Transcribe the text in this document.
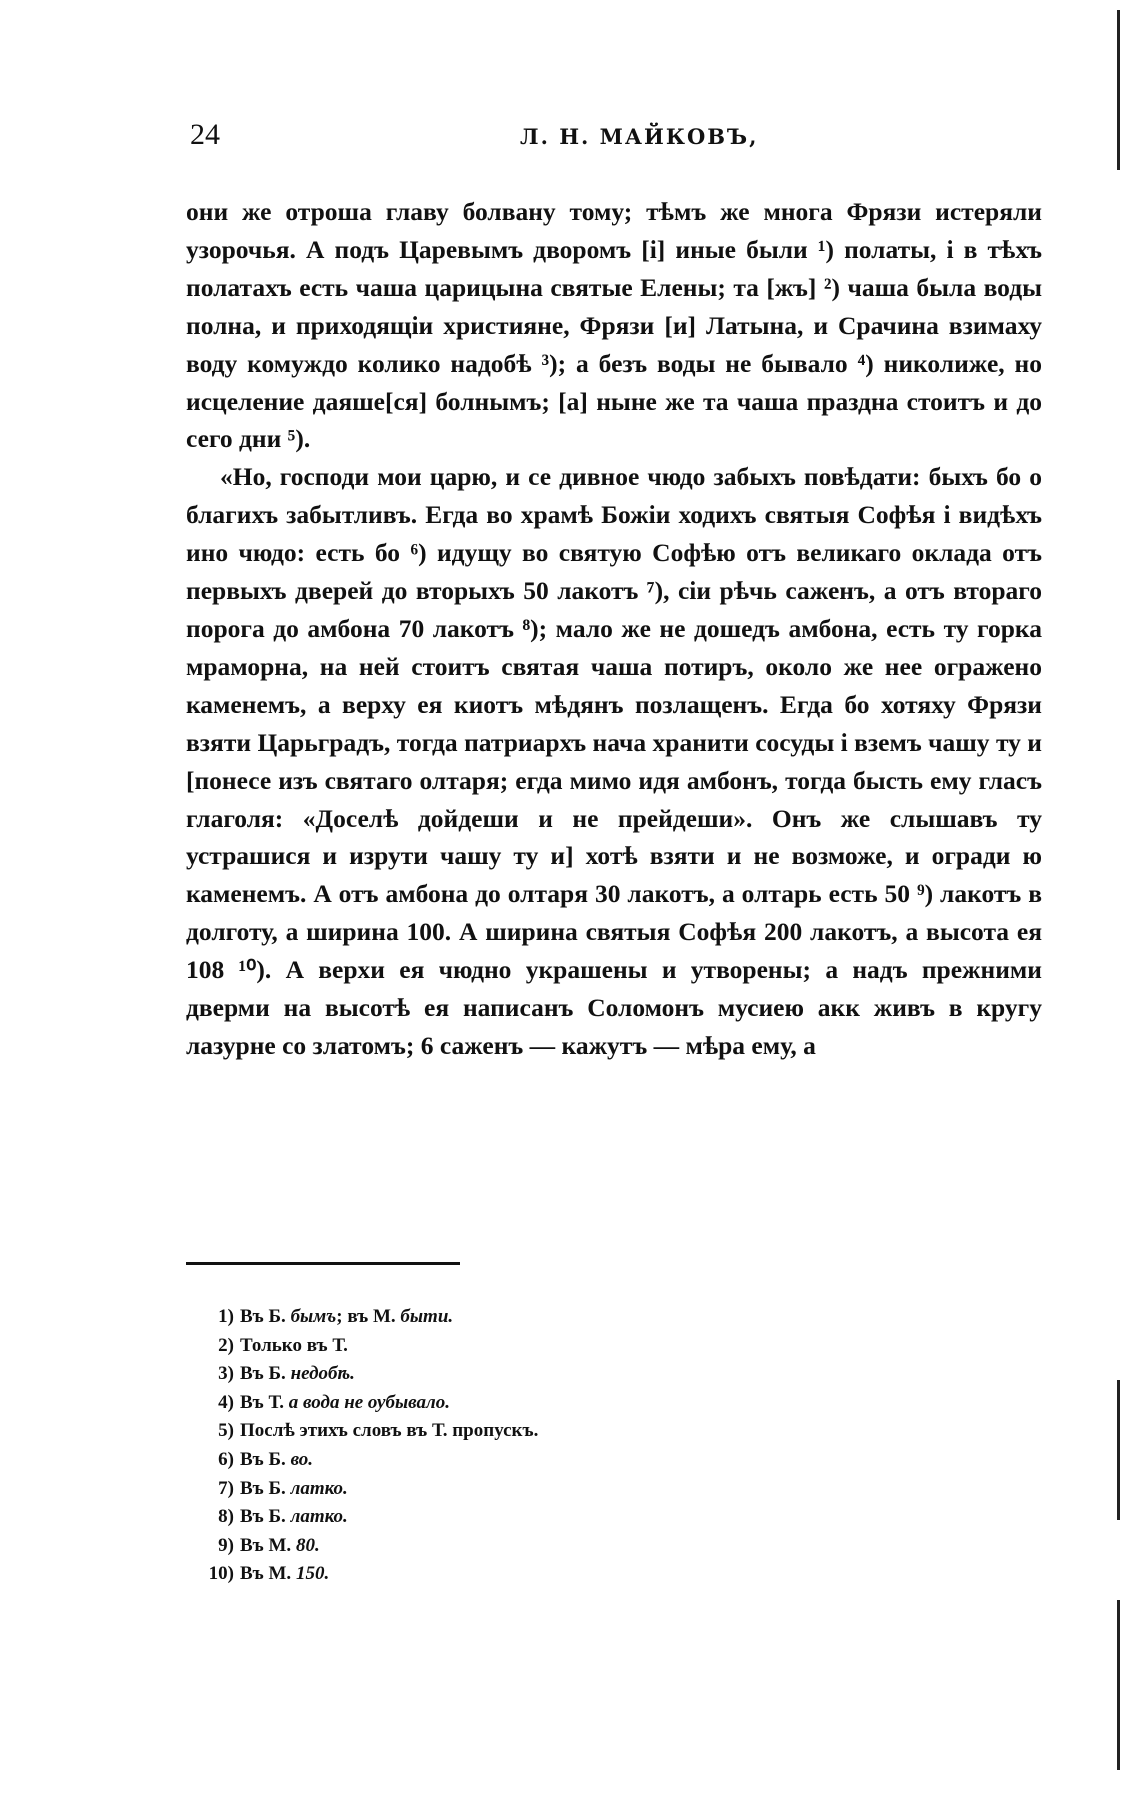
24	Л. Н. МАЙКОВЪ,

они же отроша главу болвану тому; тѣмъ же многа Фрязи истеряли узорочья. А подъ Царевымъ дворомъ [і] иные были ¹) полаты, і в тѣхъ полатахъ есть чаша царицына святые Елены; та [жъ] ²) чаша была воды полна, и приходящіи християне, Фрязи [и] Латына, и Срачина взимаху воду комуждо колико надобѣ ³); а безъ воды не бывало ⁴) николиже, но исцеление даяше[ся] болнымъ; [а] ныне же та чаша праздна стоитъ и до сего дни ⁵).

«Но, господи мои царю, и се дивное чюдо забыхъ повѣдати: быхъ бо о благихъ забытливъ. Егда во храмѣ Божіи ходихъ святыя Софѣя і видѣхъ ино чюдо: есть бо ⁶) идущу во святую Софѣю отъ великаго оклада отъ первыхъ дверей до вторыхъ 50 лакотъ ⁷), сіи рѣчь саженъ, а отъ втораго порога до амбона 70 лакотъ ⁸); мало же не дошедъ амбона, есть ту горка мраморна, на ней стоитъ святая чаша потиръ, около же нее огражено каменемъ, а верху ея киотъ мѣдянъ позлащенъ. Егда бо хотяху Фрязи взяти Царьградъ, тогда патриархъ нача хранити сосуды і вземъ чашу ту и [понесе изъ святаго олтаря; егда мимо идя амбонъ, тогда бысть ему гласъ глаголя: «Доселѣ дойдеши и не прейдеши». Онъ же слышавъ ту устрашися и изрути чашу ту и] хотѣ взяти и не возможе, и огради ю каменемъ. А отъ амбона до олтаря 30 лакотъ, а олтарь есть 50 ⁹) лакотъ в долготу, а ширина 100. А ширина святыя Софѣя 200 лакотъ, а высота ея 108 ¹⁰). А верхи ея чюдно украшены и утворены; а надъ прежними дверми на высотѣ ея написанъ Соломонъ мусиею акк живъ в кругу лазурне со златомъ; 6 саженъ — кажутъ — мѣра ему, а

1) Въ Б. бымъ; въ М. быти.
2) Только въ Т.
3) Въ Б. недобѣ.
4) Въ Т. а вода не оубывало.
5) Послѣ этихъ словъ въ Т. пропускъ.
6) Въ Б. во.
7) Въ Б. латко.
8) Въ Б. латко.
9) Въ М. 80.
10) Въ М. 150.
